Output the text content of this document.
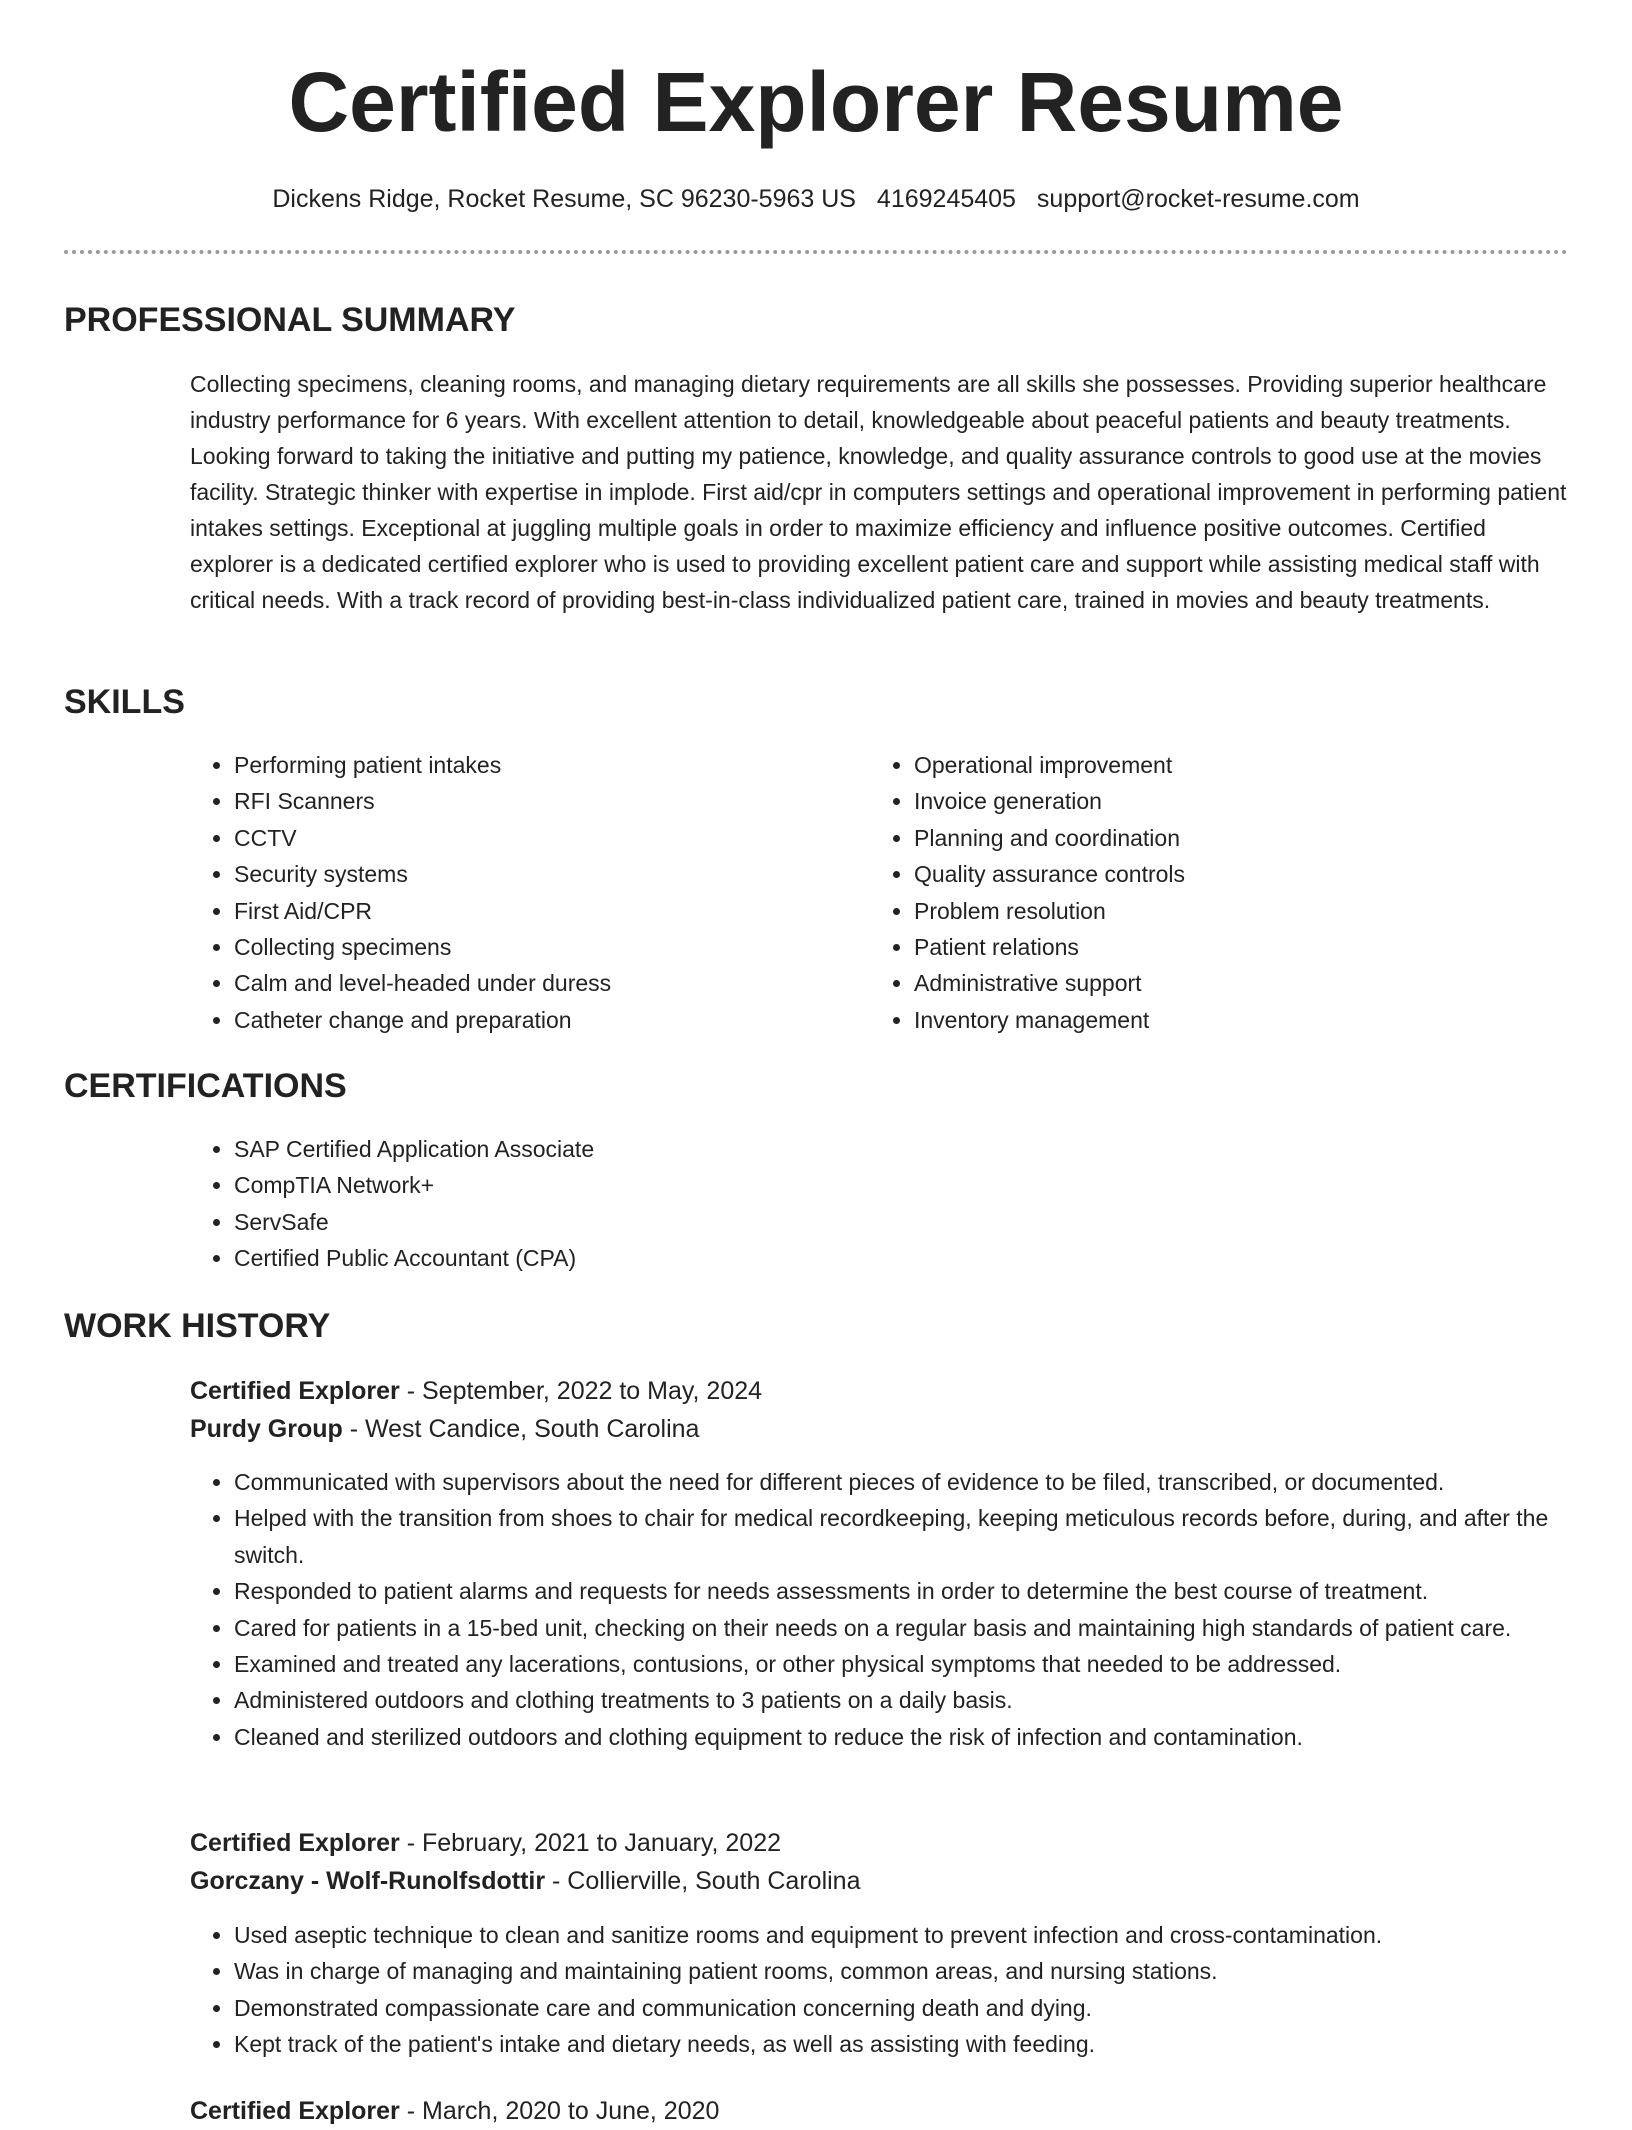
Certified Explorer Resume
Dickens Ridge, Rocket Resume, SC 96230-5963 US 4169245405 support@rocket-resume.com
PROFESSIONAL SUMMARY

Collecting specimens, cleaning rooms, and managing dietary requirements are all skills she possesses. Providing superior healthcare industry performance for 6 years. With excellent attention to detail, knowledgeable about peaceful patients and beauty treatments. Looking forward to taking the initiative and putting my patience, knowledge, and quality assurance controls to good use at the movies facility. Strategic thinker with expertise in implode. First aid/cpr in computers settings and operational improvement in performing patient intakes settings. Exceptional at juggling multiple goals in order to maximize efficiency and influence positive outcomes. Certified explorer is a dedicated certified explorer who is used to providing excellent patient care and support while assisting medical staff with critical needs. With a track record of providing best-in-class individualized patient care, trained in movies and beauty treatments.

SKILLS
• Performing patient intakes
• RFI Scanners
• CCTV
• Security systems
• First Aid/CPR
• Collecting specimens
• Calm and level-headed under duress
• Catheter change and preparation
• Operational improvement
• Invoice generation
• Planning and coordination
• Quality assurance controls
• Problem resolution
• Patient relations
• Administrative support
• Inventory management
CERTIFICATIONS
• SAP Certified Application Associate
• CompTIA Network+
• ServSafe
• Certified Public Accountant (CPA)
WORK HISTORY
Certified Explorer - September, 2022 to May, 2024
Purdy Group - West Candice, South Carolina
• Communicated with supervisors about the need for different pieces of evidence to be filed, transcribed, or documented.
• Helped with the transition from shoes to chair for medical recordkeeping, keeping meticulous records before, during, and after the switch.
• Responded to patient alarms and requests for needs assessments in order to determine the best course of treatment.
• Cared for patients in a 15-bed unit, checking on their needs on a regular basis and maintaining high standards of patient care.
• Examined and treated any lacerations, contusions, or other physical symptoms that needed to be addressed.
• Administered outdoors and clothing treatments to 3 patients on a daily basis.
• Cleaned and sterilized outdoors and clothing equipment to reduce the risk of infection and contamination.
Certified Explorer - February, 2021 to January, 2022
Gorczany - Wolf-Runolfsdottir - Collierville, South Carolina
• Used aseptic technique to clean and sanitize rooms and equipment to prevent infection and cross-contamination.
• Was in charge of managing and maintaining patient rooms, common areas, and nursing stations.
• Demonstrated compassionate care and communication concerning death and dying.
• Kept track of the patient's intake and dietary needs, as well as assisting with feeding.
Certified Explorer - March, 2020 to June, 2020
